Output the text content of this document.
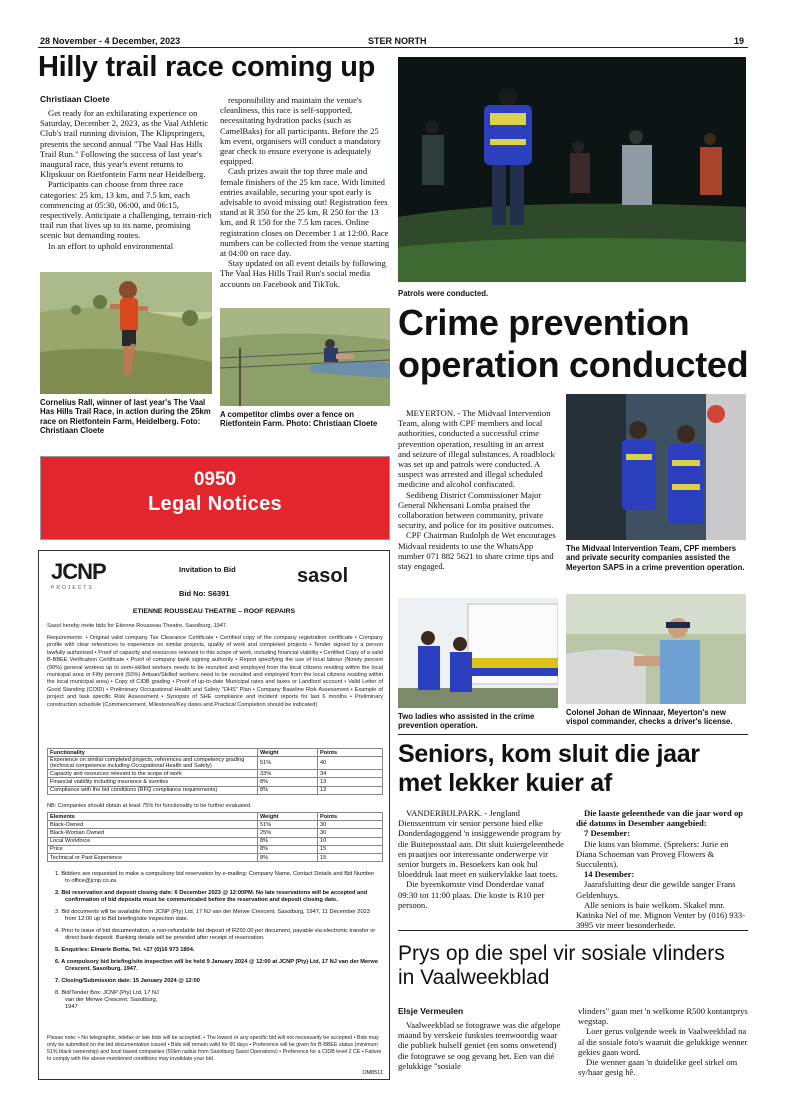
28 November - 4 December, 2023	STER NORTH	19
Hilly trail race coming up
Christiaan Cloete

Get ready for an exhilarating experience on Saturday, December 2, 2023, as the Vaal Athletic Club's trail running division, The Klipspringers, presents the second annual "The Vaal Has Hills Trail Run." Following the success of last year's inaugural race, this year's event returns to Klipskuur on Rietfontein Farm near Heidelberg.

Participants can choose from three race categories: 25 km, 13 km, and 7.5 km, each commencing at 05:30, 06:00, and 06:15, respectively. Anticipate a challenging, terrain-rich trail run that lives up to its name, promising scenic but demanding routes.

In an effort to uphold environmental

responsibility and maintain the venue's cleanliness, this race is self-supported, necessitating hydration packs (such as CamelBaks) for all participants. Before the 25 km event, organisers will conduct a mandatory gear check to ensure everyone is adequately equipped.

Cash prizes await the top three male and female finishers of the 25 km race. With limited entries available, securing your spot early is advisable to avoid missing out! Registration fees stand at R 350 for the 25 km, R 250 for the 13 km, and R 150 for the 7.5 km races. Online registration closes on December 1 at 12:00. Race numbers can be collected from the venue starting at 04:00 on race day.

Stay updated on all event details by following The Vaal Has Hills Trail Run's social media accounts on Facebook and TikTok.

Cornelius Rall, winner of last year's The Vaal Has Hills Trail Race, in action during the 25km race on Rietfontein Farm, Heidelberg. Foto: Christiaan Cloete
A competitor climbs over a fence on Rietfontein Farm. Photo: Christiaan Cloete
0950
Legal Notices
JCNP
PROJECTS
Invitation to Bid
Bid No: S6391
sasol
ETIENNE ROUSSEAU THEATRE – ROOF REPAIRS
Sasol hereby invite bids for Etienne Rousseau Theatre, Sasolburg, 1947.
Requirements: • Original valid company Tax Clearance Certificate • Certified copy of the company registration certificate • Company profile with clear references to experience on similar projects, quality of work and completed projects • Tender signed by a person lawfully authorised • Proof of capacity and resources relevant to this scope of work, including financial viability • Certified Copy of a valid B-BBEE Verification Certificate • Proof of company bank signing authority • Report specifying the use of local labour (Ninety percent (90%) general workers up to semi-skilled workers needs to be recruited and employed from the local citizens residing within the local municipal area or Fifty percent (50%) Artisan/Skilled workers need to be recruited and employed from the local citizens residing within the local municipal area) • Copy of CIDB grading • Proof of up-to-date Municipal rates and taxes or Landlord account • Valid Letter of Good Standing (COID) • Preliminary Occupational Health and Safety "OHS" Plan • Company Baseline Risk Assessment • Example of project and task specific Risk Assessment • Synopsis of SHE compliance and incident reports for last 6 months • Preliminary construction schedule (Commencement, Milestones/Key dates and Practical Completion should be indicated)
Functionality	Weight	Points
Experience on similar completed projects, references and competency grading (technical competence including Occupational Health and Safety)	51%	40
Capacity and resources relevant to the scope of work	33%	34
Financial viability including insurance & sureties	8%	13
Compliance with the bid conditions (RFQ compliance requirements)	8%	13
NB: Companies should obtain at least 75% for functionality to be further evaluated.
Elements	Weight	Points
Black-Owned	51%	30
Black-Woman Owned	25%	30
Local Workforce	8%	10
Price	8%	15
Technical or Past Experience	8%	15
1. Bidders are requested to make a compulsory bid reservation by e-mailing: Company Name, Contact Details and Bid Number to office@jcnp.co.za
2. Bid reservation and deposit closing date: 6 December 2023 @ 12:00PM. No late reservations will be accepted and confirmation of bid deposits must be communicated before the reservation and deposit closing date.
3. Bid documents will be available from JCNP (Pty) Ltd, 17 NJ van der Merwe Crescent, Sasolburg, 1947, 11 December 2023 from 12:00 up to Bid briefing/site inspection date.
4. Prior to issue of bid documentation, a non-refundable bid deposit of R250.00 per document, payable via electronic transfer or direct bank deposit. Banking details will be provided after receipt of reservation.
5. Enquiries: Elmarie Botha, Tel. +27 (0)16 973 1804.
6. A compulsory bid briefing/site inspection will be held 9 January 2024 @ 12:00 at JCNP (Pty) Ltd, 17 NJ van der Merwe Crescent, Sasolburg, 1947.
7. Closing/Submission date: 15 January 2024 @ 12:00
8. Bid/Tender Box: JCNP (Pty) Ltd, 17 NJ van der Merwe Crescent, Sasolburg, 1947
Please note: • No telegraphic, telefax or late bids will be accepted. • The lowest or any specific bid will not necessarily be accepted • Bids may only be submitted on the bid documentation issued • Bids will remain valid for 60 days • Preference will be given for B-BBEE status (minimum 51% black ownership) and local based companies (50km radius from Sasolburg Sasol Operations) • Preference for a CIDB level 2 CE • Failure to comply with the above-mentioned conditions may invalidate your bid.
OM8511
Patrols were conducted.
Crime prevention operation conducted

MEYERTON. - The Midvaal Intervention Team, along with CPF members and local authorities, conducted a successful crime prevention operation, resulting in an arrest and seizure of illegal substances. A roadblock was set up and patrols were conducted. A suspect was arrested and illegal scheduled medicine and alcohol confiscated.

Sedibeng District Commissioner Major General Nkhensani Lomba praised the collaboration between community, private security, and police for its positive outcomes.

CPF Chairman Rudolph de Wet encourages Midvaal residents to use the WhatsApp number 071 882 5621 to share crime tips and stay engaged.

The Midvaal Intervention Team, CPF members and private security companies assisted the Meyerton SAPS in a crime prevention operation.
Two ladies who assisted in the crime prevention operation.
Colonel Johan de Winnaar, Meyerton's new vispol commander, checks a driver's license.
Seniors, kom sluit die jaar met lekker kuier af

VANDERBIJLPARK. - Jengland Dienssentrum vir senior persone bied elke Donderdagoggend 'n insiggewende program by die Buiteposstaal aan. Dit sluit kuiergeleenthede en praatjies oor interessante onderwerpe vir senior burgers in. Besoekers kan ook hul bloeddruk laat meet en suikervlakke laat toets.

Die byeenkomste vind Donderdae vanaf 09:30 tot 11:00 plaas. Die koste is R10 per persoon.

Die laaste geleenthede van die jaar word op dié datums in Desember aangebied:

7 Desember:

Die kuns van blomme. (Sprekers: Jurie en Diana Schoeman van Proveg Flowers & Succulents).

14 Desember:

Jaarafsluiting deur die gewilde sanger Frans Geldenhuys.

Alle seniors is baie welkom. Skakel mnr. Katinka Nel of me. Mignon Venter by (016) 933-3995 vir meer besonderhede.

Prys op die spel vir sosiale vlinders in Vaalweekblad
Elsje Vermeulen

Vaalweekblad se fotograwe was die afgelope maand by verskeie funksies teenwoordig waar die publiek hulself geniet (en soms onwetend) die fotograwe se oog gevang het. Een van dié gelukkige "sosiale

vlinders" gaan met 'n welkome R500 kontantprys wegstap.

Loer gerus volgende week in Vaalweekblad na al die sosiale foto's waaruit die gelukkige wenner gekies gaan word.

Die wenner gaan 'n duidelike geel sirkel om sy/haar gesig hê.
